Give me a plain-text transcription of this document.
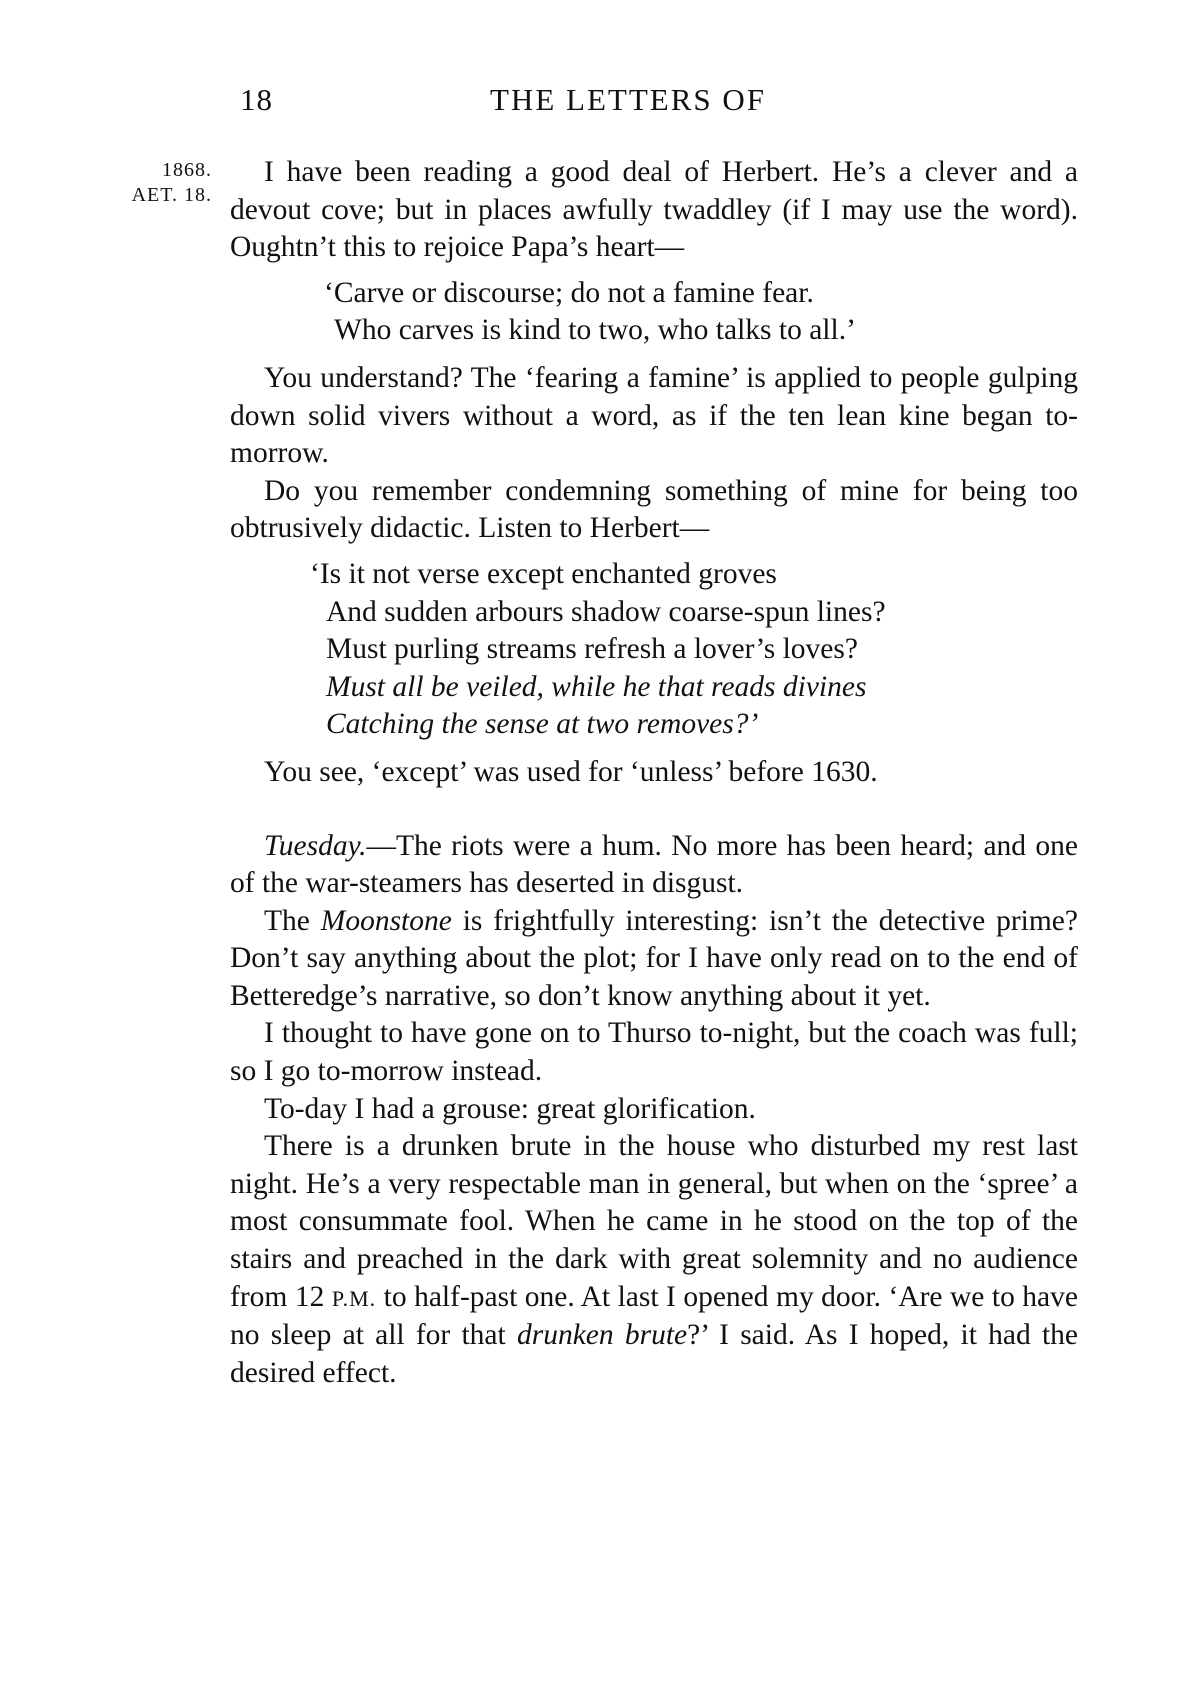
18	THE LETTERS OF
1868.
AET. 18.

I have been reading a good deal of Herbert. He’s a clever and a devout cove; but in places awfully twaddley (if I may use the word). Oughtn’t this to rejoice Papa’s heart—

‘Carve or discourse; do not a famine fear.
Who carves is kind to two, who talks to all.’

You understand? The ‘fearing a famine’ is applied to people gulping down solid vivers without a word, as if the ten lean kine began to-morrow.

Do you remember condemning something of mine for being too obtrusively didactic. Listen to Herbert—

‘Is it not verse except enchanted groves
And sudden arbours shadow coarse-spun lines?
Must purling streams refresh a lover’s loves?
Must all be veiled, while he that reads divines
Catching the sense at two removes?’

You see, ‘except’ was used for ‘unless’ before 1630.

Tuesday.—The riots were a hum. No more has been heard; and one of the war-steamers has deserted in disgust.

The Moonstone is frightfully interesting: isn’t the detective prime? Don’t say anything about the plot; for I have only read on to the end of Betteredge’s narrative, so don’t know anything about it yet.

I thought to have gone on to Thurso to-night, but the coach was full; so I go to-morrow instead.

To-day I had a grouse: great glorification.

There is a drunken brute in the house who disturbed my rest last night. He’s a very respectable man in general, but when on the ‘spree’ a most consummate fool. When he came in he stood on the top of the stairs and preached in the dark with great solemnity and no audience from 12 P.M. to half-past one. At last I opened my door. ‘Are we to have no sleep at all for that drunken brute?’ I said. As I hoped, it had the desired effect.
